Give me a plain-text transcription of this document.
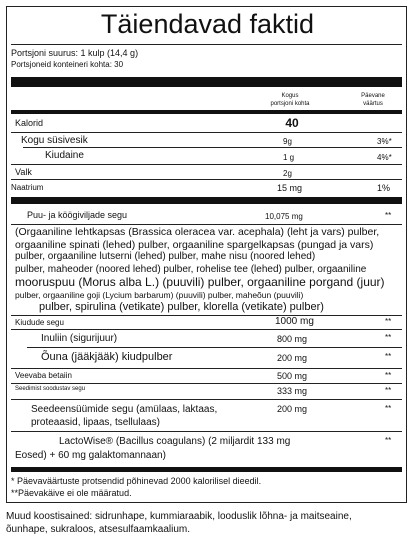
Täiendavad faktid
Portsjoni suurus: 1 kulp (14,4 g)
Portsjoneid konteineri kohta: 30
Kogus
portsjoni kohta
Päevane
väärtus
Kalorid	40
Kogu süsivesik	9g	3%*
Kiudaine	1 g	4%*
Valk	2g
Naatrium	15 mg	1%
Puu- ja köögiviljade segu	10,075 mg	**
(Orgaaniline lehtkapsas (Brassica oleracea var. acephala) (leht ja vars) pulber,
orgaaniline spinati (lehed) pulber, orgaaniline spargelkapsas (pungad ja vars)
pulber, orgaaniline lutserni (lehed) pulber, mahe nisu (noored lehed)
pulber, maheoder (noored lehed) pulber, rohelise tee (lehed) pulber, orgaaniline
mooruspuu (Morus alba L.) (puuvili) pulber, orgaaniline porgand (juur)
pulber, orgaaniline goji (Lycium barbarum) (puuvili) pulber, maheõun (puuvili)
pulber, spirulina (vetikate) pulber, klorella (vetikate) pulber)
Kiudude segu	1000 mg	**
Inuliin (sigurijuur)	800 mg	**
Õuna (jääkjääk) kiudpulber	200 mg	**
Veevaba betaiin	500 mg	**
Seedimist soodustav segu	333 mg	**
Seedeensüümide segu (amülaas, laktaas,
proteaasid, lipaas, tsellulaas)
200 mg	**
LactoWise® (Bacillus coagulans) (2 miljardit 133 mg
Eosed) + 60 mg galaktomannaan)
**
* Päevaväärtuste protsendid põhinevad 2000 kalorilisel dieedil.
**Päevakäive ei ole määratud.
Muud koostisained: sidrunhape, kummiaraabik, looduslik lõhna- ja maitseaine,
õunhape, sukraloos, atsesulfaamkaalium.
